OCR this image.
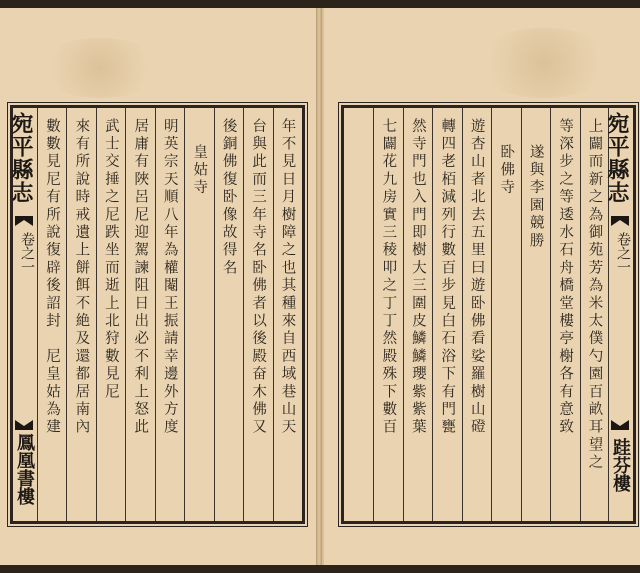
宛平縣志
卷之一
鳳凰書樓
年不見日月樹障之也其種來自西域巷山天
台與此而三年寺名卧佛者以後殿奋木佛又
後銅佛復卧像故得名
皇姑寺
明英宗天順八年為權閹王振請幸邊外方度
居庸有陜呂尼迎駕諫阻日出必不利上怒此
武士交捶之尼跌坐而逝上北狩數見尼
來有所說時戒遺上餅餌不絶及還都居南內
數數見尼有所說復辟後詔封　尼皇姑為建	宛平縣志
卷之一
跬芬樓
上闢而新之為御苑芳為米太僕勺園百畝耳望之
等深步之等逶水石舟橋堂樓亭榭各有意致
遂與李園競勝
卧佛寺
遊杏山者北去五里曰遊卧佛看娑羅樹山磴
轉四老栢減列行數百步見白石浴下有門甕
然寺門也入門即樹大三圍皮鱗鱗瓔紫紫葉
七闢花九房實三稜叩之丁丁然殿殊下數百
